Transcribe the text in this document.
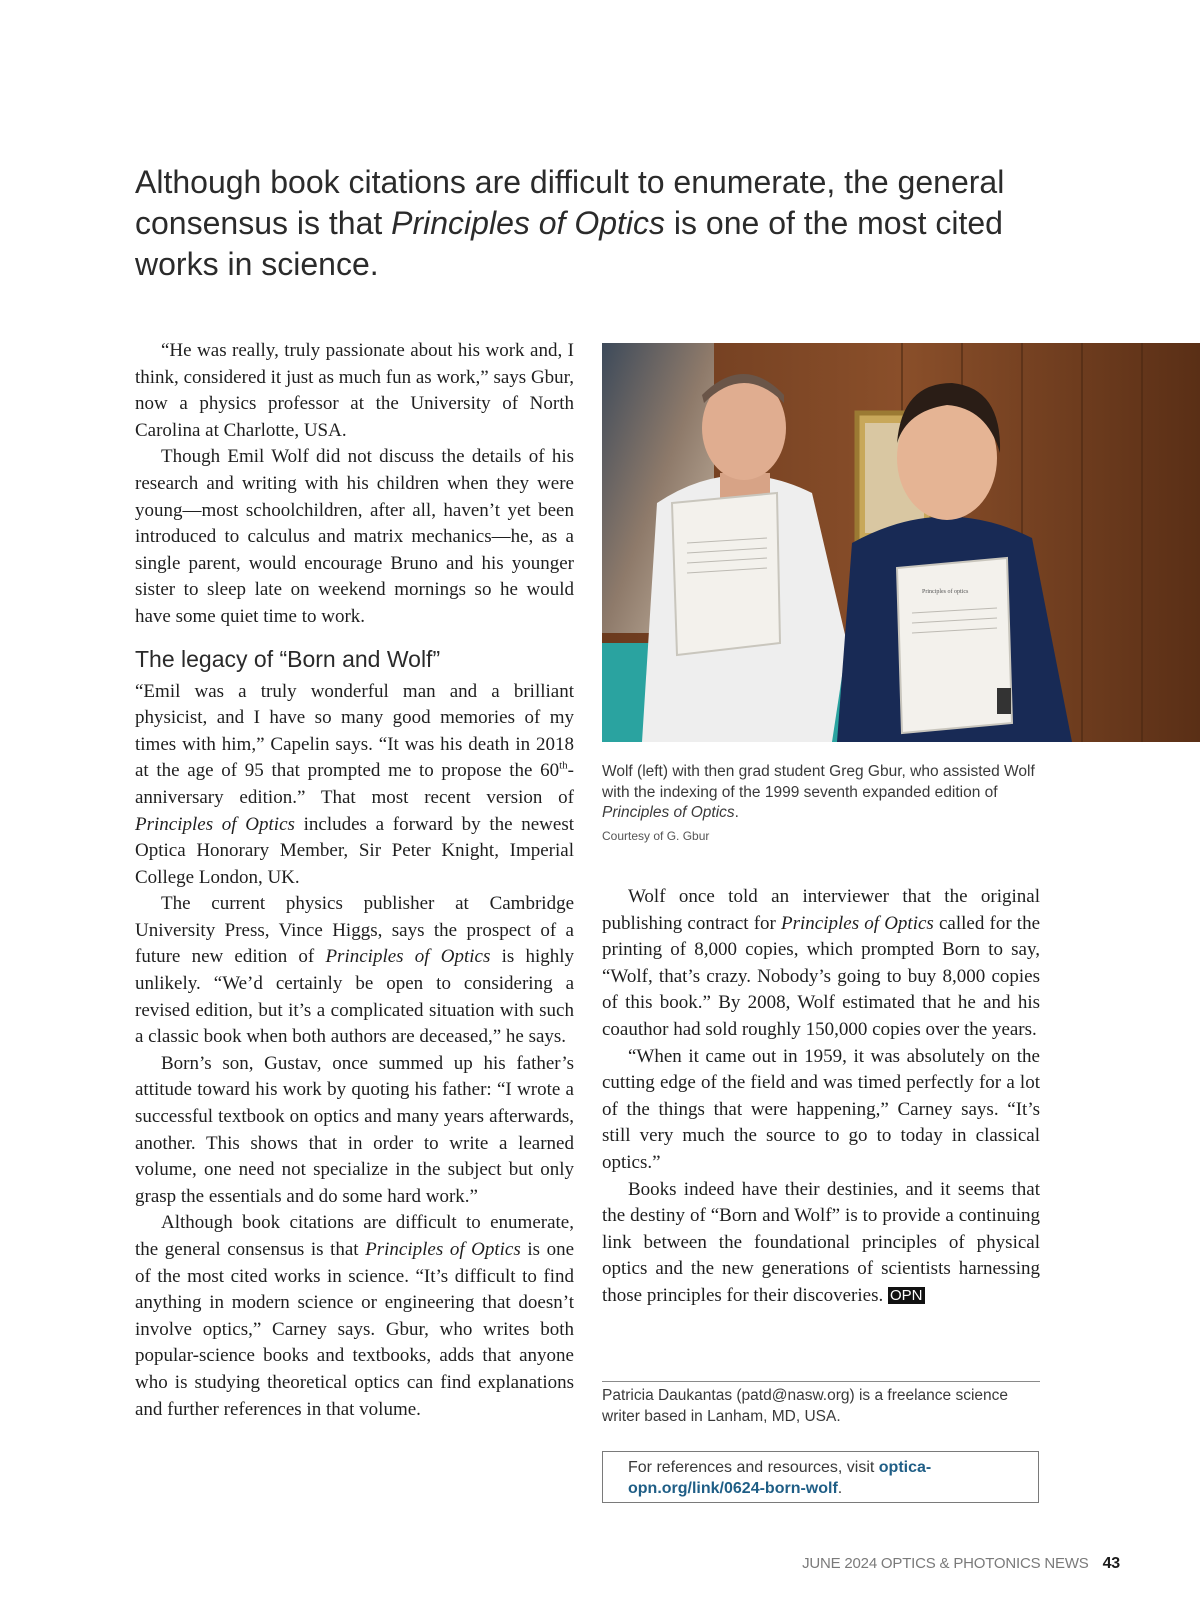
Although book citations are difficult to enumerate, the general consensus is that Principles of Optics is one of the most cited works in science.

“He was really, truly passionate about his work and, I think, considered it just as much fun as work,” says Gbur, now a physics professor at the University of North Carolina at Charlotte, USA.

Though Emil Wolf did not discuss the details of his research and writing with his children when they were young—most schoolchildren, after all, haven’t yet been introduced to calculus and matrix mechanics—he, as a single parent, would encourage Bruno and his younger sister to sleep late on weekend mornings so he would have some quiet time to work.

The legacy of “Born and Wolf”

“Emil was a truly wonderful man and a brilliant physicist, and I have so many good memories of my times with him,” Capelin says. “It was his death in 2018 at the age of 95 that prompted me to propose the 60th-anniversary edition.” That most recent version of Principles of Optics includes a forward by the newest Optica Honorary Member, Sir Peter Knight, Imperial College London, UK.

The current physics publisher at Cambridge University Press, Vince Higgs, says the prospect of a future new edition of Principles of Optics is highly unlikely. “We’d certainly be open to considering a revised edition, but it’s a complicated situation with such a classic book when both authors are deceased,” he says.

Born’s son, Gustav, once summed up his father’s attitude toward his work by quoting his father: “I wrote a successful textbook on optics and many years afterwards, another. This shows that in order to write a learned volume, one need not specialize in the subject but only grasp the essentials and do some hard work.”

Although book citations are difficult to enumerate, the general consensus is that Principles of Optics is one of the most cited works in science. “It’s difficult to find anything in modern science or engineering that doesn’t involve optics,” Carney says. Gbur, who writes both popular-science books and textbooks, adds that anyone who is studying theoretical optics can find explanations and further references in that volume.

Principles of optics
Wolf (left) with then grad student Greg Gbur, who assisted Wolf with the indexing of the 1999 seventh expanded edition of Principles of Optics.
Courtesy of G. Gbur

Wolf once told an interviewer that the original publishing contract for Principles of Optics called for the printing of 8,000 copies, which prompted Born to say, “Wolf, that’s crazy. Nobody’s going to buy 8,000 copies of this book.” By 2008, Wolf estimated that he and his coauthor had sold roughly 150,000 copies over the years.

“When it came out in 1959, it was absolutely on the cutting edge of the field and was timed perfectly for a lot of the things that were happening,” Carney says. “It’s still very much the source to go to today in classical optics.”

Books indeed have their destinies, and it seems that the destiny of “Born and Wolf” is to provide a continuing link between the foundational principles of physical optics and the new generations of scientists harnessing those principles for their discoveries. OPN

Patricia Daukantas (patd@nasw.org) is a freelance science writer based in Lanham, MD, USA.
For references and resources, visit optica-opn.org/link/0624-born-wolf.
JUNE 2024 OPTICS & PHOTONICS NEWS 43
